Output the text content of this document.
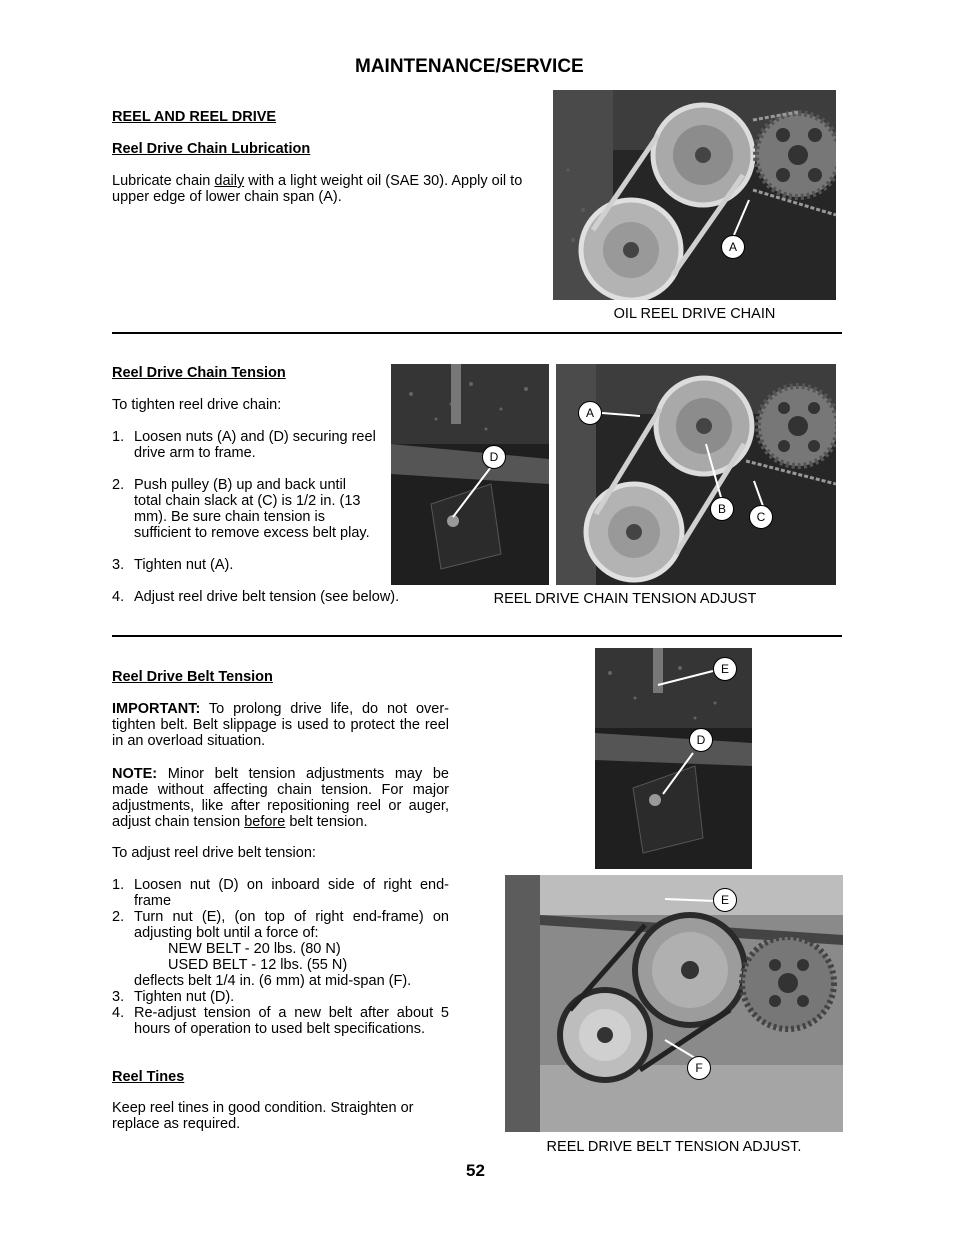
MAINTENANCE/SERVICE
REEL AND REEL DRIVE
Reel Drive Chain Lubrication
Lubricate chain daily with a light weight oil (SAE 30). Apply oil to upper edge of lower chain span (A).
A
OIL REEL DRIVE CHAIN
Reel Drive Chain Tension
To tighten reel drive chain:
1. Loosen nuts (A) and (D) securing reel drive arm to frame.
2. Push pulley (B) up and back until total chain slack at (C) is 1/2 in. (13 mm). Be sure chain tension is sufficient to remove excess belt play.
3. Tighten nut (A).
4. Adjust reel drive belt tension (see below).
D
A
B
C
REEL DRIVE CHAIN TENSION ADJUST
Reel Drive Belt Tension
IMPORTANT: To prolong drive life, do not over-tighten belt. Belt slippage is used to protect the reel in an overload situation.
NOTE: Minor belt tension adjustments may be made without affecting chain tension. For major adjustments, like after repositioning reel or auger, adjust chain tension before belt tension.
To adjust reel drive belt tension:
1. Loosen nut (D) on inboard side of right end-frame
2. Turn nut (E), (on top of right end-frame) on adjusting bolt until a force of:
NEW BELT - 20 lbs. (80 N)
USED BELT - 12 lbs. (55 N)
deflects belt 1/4 in. (6 mm) at mid-span (F).
3. Tighten nut (D).
4. Re-adjust tension of a new belt after about 5 hours of operation to used belt specifications.
E
D
E
F
REEL DRIVE BELT TENSION ADJUST.
Reel Tines
Keep reel tines in good condition. Straighten or replace as required.
52
